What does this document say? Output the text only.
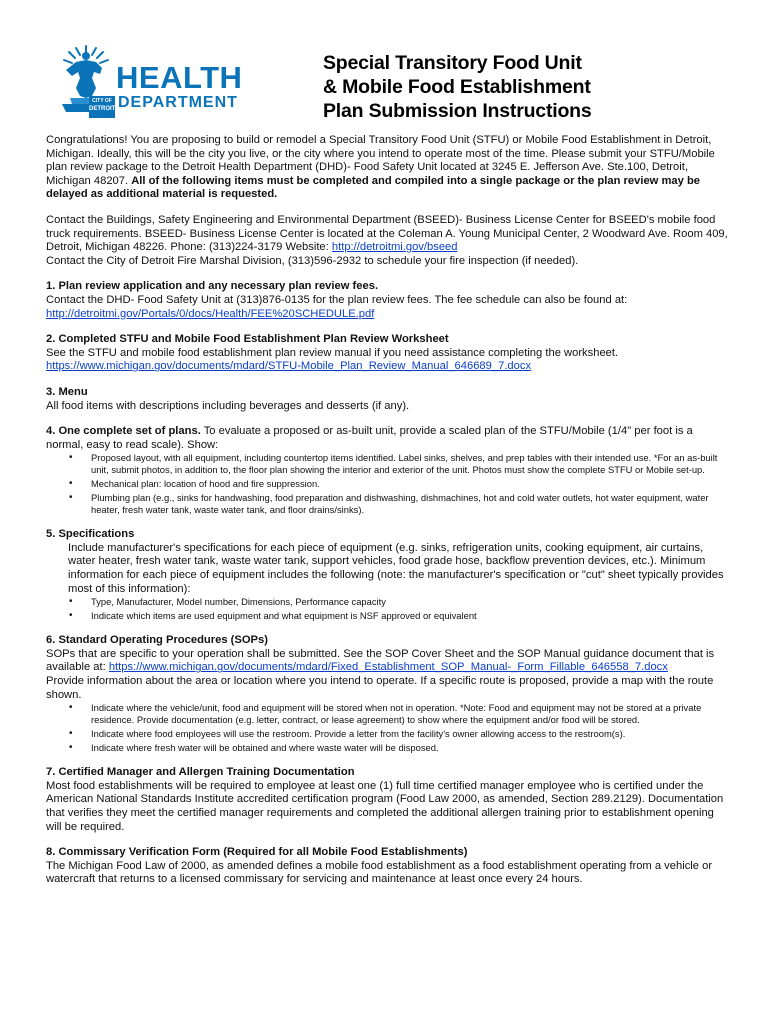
HEALTH
DEPARTMENT
CITY OF
DETROIT
Special Transitory Food Unit
& Mobile Food Establishment
Plan Submission Instructions

Congratulations! You are proposing to build or remodel a Special Transitory Food Unit (STFU) or Mobile Food Establishment in Detroit, Michigan. Ideally, this will be the city you live, or the city where you intend to operate most of the time. Please submit your STFU/Mobile plan review package to the Detroit Health Department (DHD)- Food Safety Unit located at 3245 E. Jefferson Ave. Ste.100, Detroit, Michigan 48207. All of the following items must be completed and compiled into a single package or the plan review may be delayed as additional material is requested.

Contact the Buildings, Safety Engineering and Environmental Department (BSEED)- Business License Center for BSEED's mobile food truck requirements. BSEED- Business License Center is located at the Coleman A. Young Municipal Center, 2 Woodward Ave. Room 409, Detroit, Michigan 48226. Phone: (313)224-3179 Website: http://detroitmi.gov/bseed

Contact the City of Detroit Fire Marshal Division, (313)596-2932 to schedule your fire inspection (if needed).

1. Plan review application and any necessary plan review fees.

Contact the DHD- Food Safety Unit at (313)876-0135 for the plan review fees. The fee schedule can also be found at:

http://detroitmi.gov/Portals/0/docs/Health/FEE%20SCHEDULE.pdf

2. Completed STFU and Mobile Food Establishment Plan Review Worksheet

See the STFU and mobile food establishment plan review manual if you need assistance completing the worksheet.

https://www.michigan.gov/documents/mdard/STFU-Mobile_Plan_Review_Manual_646689_7.docx

3. Menu

All food items with descriptions including beverages and desserts (if any).

4. One complete set of plans. To evaluate a proposed or as-built unit, provide a scaled plan of the STFU/Mobile (1/4" per foot is a normal, easy to read scale). Show:

• Proposed layout, with all equipment, including countertop items identified. Label sinks, shelves, and prep tables with their intended use. *For an as-built unit, submit photos, in addition to, the floor plan showing the interior and exterior of the unit. Photos must show the complete STFU or Mobile set-up.
• Mechanical plan: location of hood and fire suppression.
• Plumbing plan (e.g., sinks for handwashing, food preparation and dishwashing, dishmachines, hot and cold water outlets, hot water equipment, water heater, fresh water tank, waste water tank, and floor drains/sinks).

5. Specifications

Include manufacturer's specifications for each piece of equipment (e.g. sinks, refrigeration units, cooking equipment, air curtains, water heater, fresh water tank, waste water tank, support vehicles, food grade hose, backflow prevention devices, etc.). Minimum information for each piece of equipment includes the following (note: the manufacturer's specification or "cut" sheet typically provides most of this information):

• Type, Manufacturer, Model number, Dimensions, Performance capacity
• Indicate which items are used equipment and what equipment is NSF approved or equivalent

6. Standard Operating Procedures (SOPs)

SOPs that are specific to your operation shall be submitted. See the SOP Cover Sheet and the SOP Manual guidance document that is available at: https://www.michigan.gov/documents/mdard/Fixed_Establishment_SOP_Manual-_Form_Fillable_646558_7.docx

Provide information about the area or location where you intend to operate. If a specific route is proposed, provide a map with the route shown.

• Indicate where the vehicle/unit, food and equipment will be stored when not in operation. *Note: Food and equipment may not be stored at a private residence. Provide documentation (e.g. letter, contract, or lease agreement) to show where the equipment and/or food will be stored.
• Indicate where food employees will use the restroom. Provide a letter from the facility's owner allowing access to the restroom(s).
• Indicate where fresh water will be obtained and where waste water will be disposed.

7. Certified Manager and Allergen Training Documentation

Most food establishments will be required to employee at least one (1) full time certified manager employee who is certified under the American National Standards Institute accredited certification program (Food Law 2000, as amended, Section 289.2129). Documentation that verifies they meet the certified manager requirements and completed the additional allergen training prior to establishment opening will be required.

8. Commissary Verification Form (Required for all Mobile Food Establishments)

The Michigan Food Law of 2000, as amended defines a mobile food establishment as a food establishment operating from a vehicle or watercraft that returns to a licensed commissary for servicing and maintenance at least once every 24 hours.
